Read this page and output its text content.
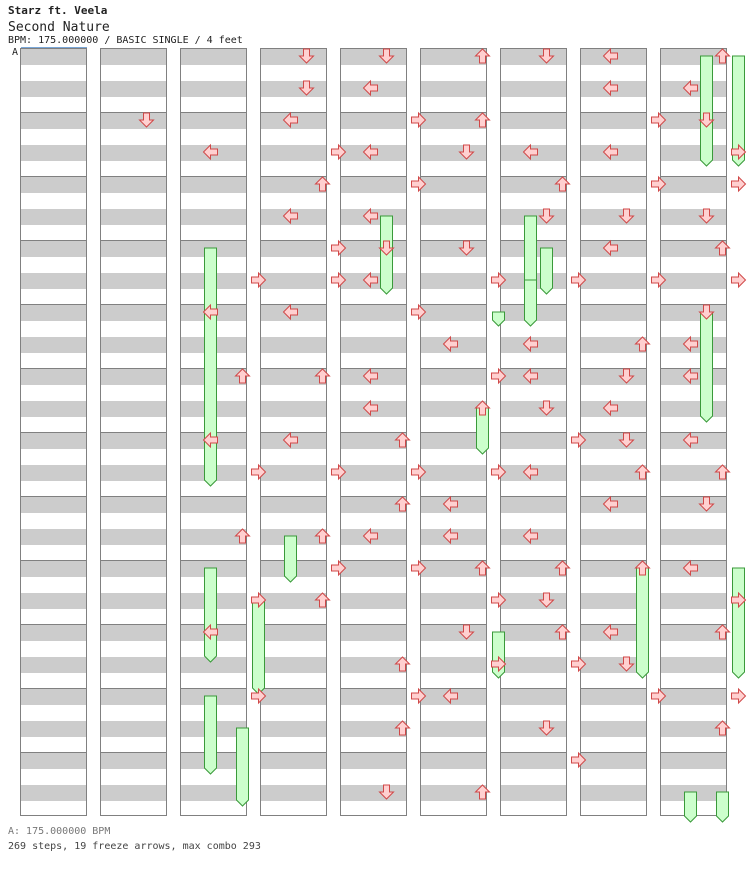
Starz ft. Veela
Second Nature
BPM: 175.000000 / BASIC SINGLE / 4 feet
A
A: 175.000000 BPM
269 steps, 19 freeze arrows, max combo 293
